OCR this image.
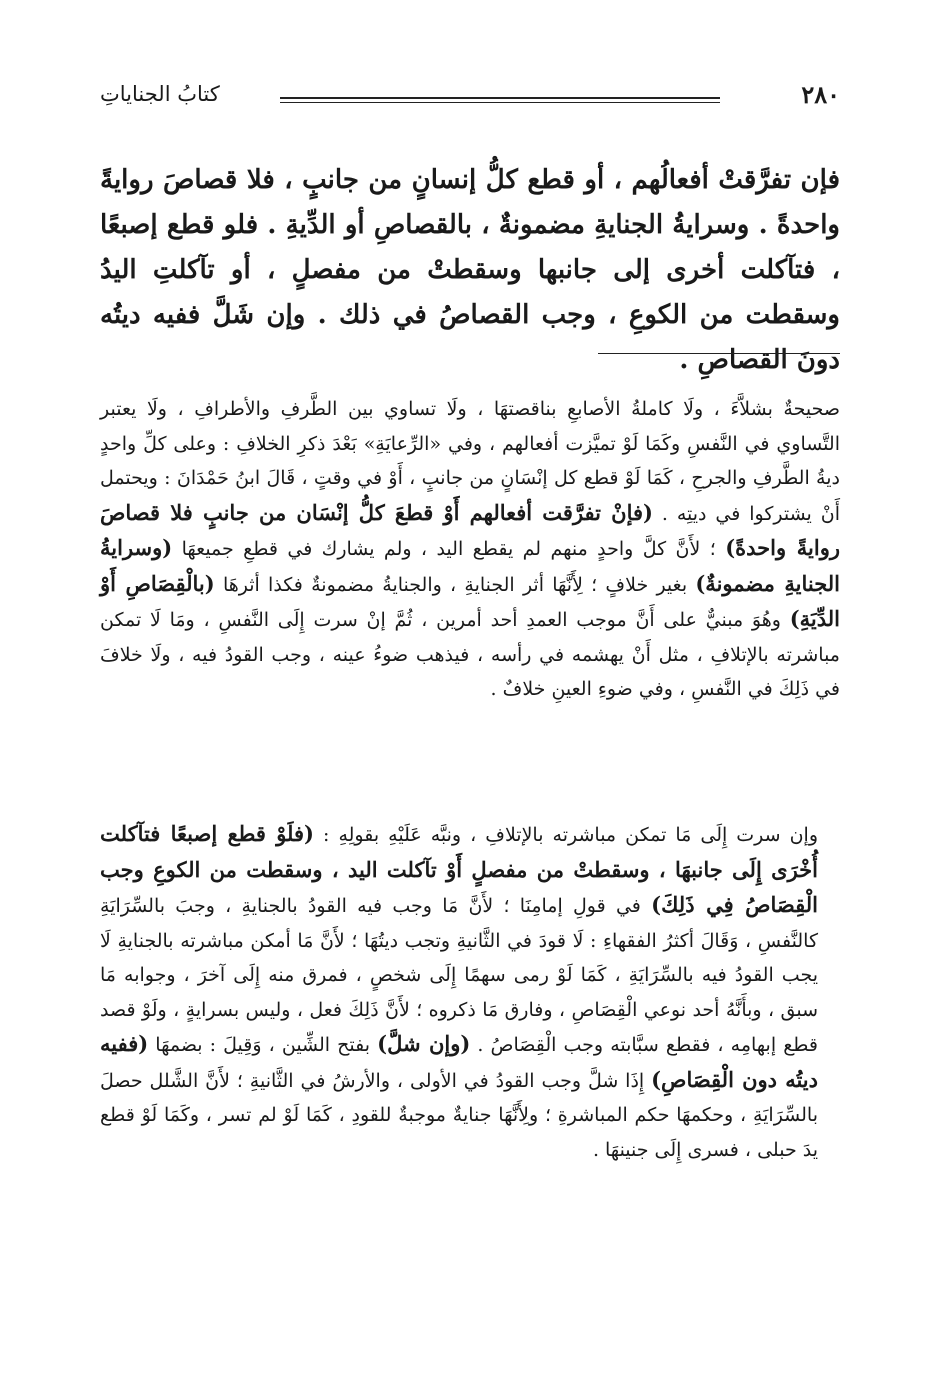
٢٨٠
كتابُ الجناياتِ
فإن تفرَّقتْ أفعالُهم ، أو قطع كلُّ إنسانٍ من جانبٍ ، فلا قصاصَ روايةً واحدةً . وسرايةُ الجنايةِ مضمونةٌ ، بالقصاصِ أو الدِّيةِ . فلو قطع إصبعًا ، فتآكلت أخرى إلى جانبها وسقطتْ من مفصلٍ ، أو تآكلتِ اليدُ وسقطت من الكوعِ ، وجب القصاصُ في ذلك . وإن شَلَّ ففيه ديتُه دونَ القصاصِ .

صحيحةٌ بشلاَّءَ ، ولَا كاملةُ الأصابعِ بناقصتهَا ، ولَا تساوي بين الطَّرفِ والأطرافِ ، ولَا يعتبر التَّساوي في النَّفسِ وكَمَا لَوْ تميَّزت أفعالهم ، وفي «الرِّعايَةِ» بَعْدَ ذكرِ الخلافِ : وعلى كلِّ واحدٍ ديةُ الطَّرفِ والجرحِ ، كَمَا لَوْ قطع كل إنْسَانٍ من جانبٍ ، أَوْ في وقتٍ ، قَالَ ابنُ حَمْدَانَ : ويحتمل أَنْ يشتركوا في ديتِه . (فإنْ تفرَّقت أفعالهم أَوْ قطعَ كلُّ إنْسَان من جانبٍ فلا قصاصَ روايةً واحدةً) ؛ لأَنَّ كلَّ واحدٍ منهم لم يقطع اليد ، ولم يشارك في قطعِ جميعهَا (وسرايةُ الجنايةِ مضمونةٌ) بغير خلافٍ ؛ لِأَنَّهَا أثر الجنايةِ ، والجنايةُ مضمونةٌ فكذا أثرهَا (بالْقِصَاصِ أَوْ الدِّيَةِ) وهُوَ مبنيٌّ على أَنَّ موجب العمدِ أحد أمرين ، ثُمَّ إنْ سرت إِلَى النَّفسِ ، ومَا لَا تمكن مباشرته بالإتلافِ ، مثل أَنْ يهشمه في رأسه ، فيذهب ضوءُ عينه ، وجب القودُ فيه ، ولَا خلافَ في ذَلِكَ في النَّفسِ ، وفي ضوءِ العينِ خلافٌ .

وإن سرت إِلَى مَا تمكن مباشرته بالإتلافِ ، ونبَّه عَلَيْهِ بقولِهِ : (فلَوْ قطع إصبعًا فتآكلت أُخْرَى إِلَى جانبهَا ، وسقطتْ من مفصلٍ أَوْ تآكلت اليد ، وسقطت من الكوعِ وجب الْقِصَاصُ فِي ذَلِكَ) في قولِ إمامِنَا ؛ لأَنَّ مَا وجب فيه القودُ بالجنايةِ ، وجبَ بالسِّرَايَةِ كالنَّفسِ ، وَقَالَ أكثرُ الفقهاءِ : لَا قودَ في الثَّانيةِ وتجب ديتُهَا ؛ لأَنَّ مَا أمكن مباشرته بالجنايةِ لَا يجب القودُ فيه بالسِّرَايَةِ ، كَمَا لَوْ رمى سهمًا إِلَى شخصٍ ، فمرق منه إِلَى آخرَ ، وجوابه مَا سبق ، وبأَنَّهُ أحد نوعي الْقِصَاصِ ، وفارق مَا ذكروه ؛ لأَنَّ ذَلِكَ فعل ، وليس بسرايةٍ ، ولَوْ قصد قطع إبهامِه ، فقطع سبَّابته وجب الْقِصَاصُ . (وإن شلَّ) بفتح الشِّين ، وَقِيلَ : بضمهَا (ففيه ديتُه دون الْقِصَاصِ) إِذَا شلَّ وجب القودُ في الأولى ، والأرشُ في الثَّانيةِ ؛ لأَنَّ الشَّلل حصلَ بالسِّرَايَةِ ، وحكمهَا حكم المباشرةِ ؛ ولِأَنَّهَا جنايةٌ موجبةٌ للقودِ ، كَمَا لَوْ لم تسر ، وكَمَا لَوْ قطع يدَ حبلى ، فسرى إِلَى جنينهَا .
